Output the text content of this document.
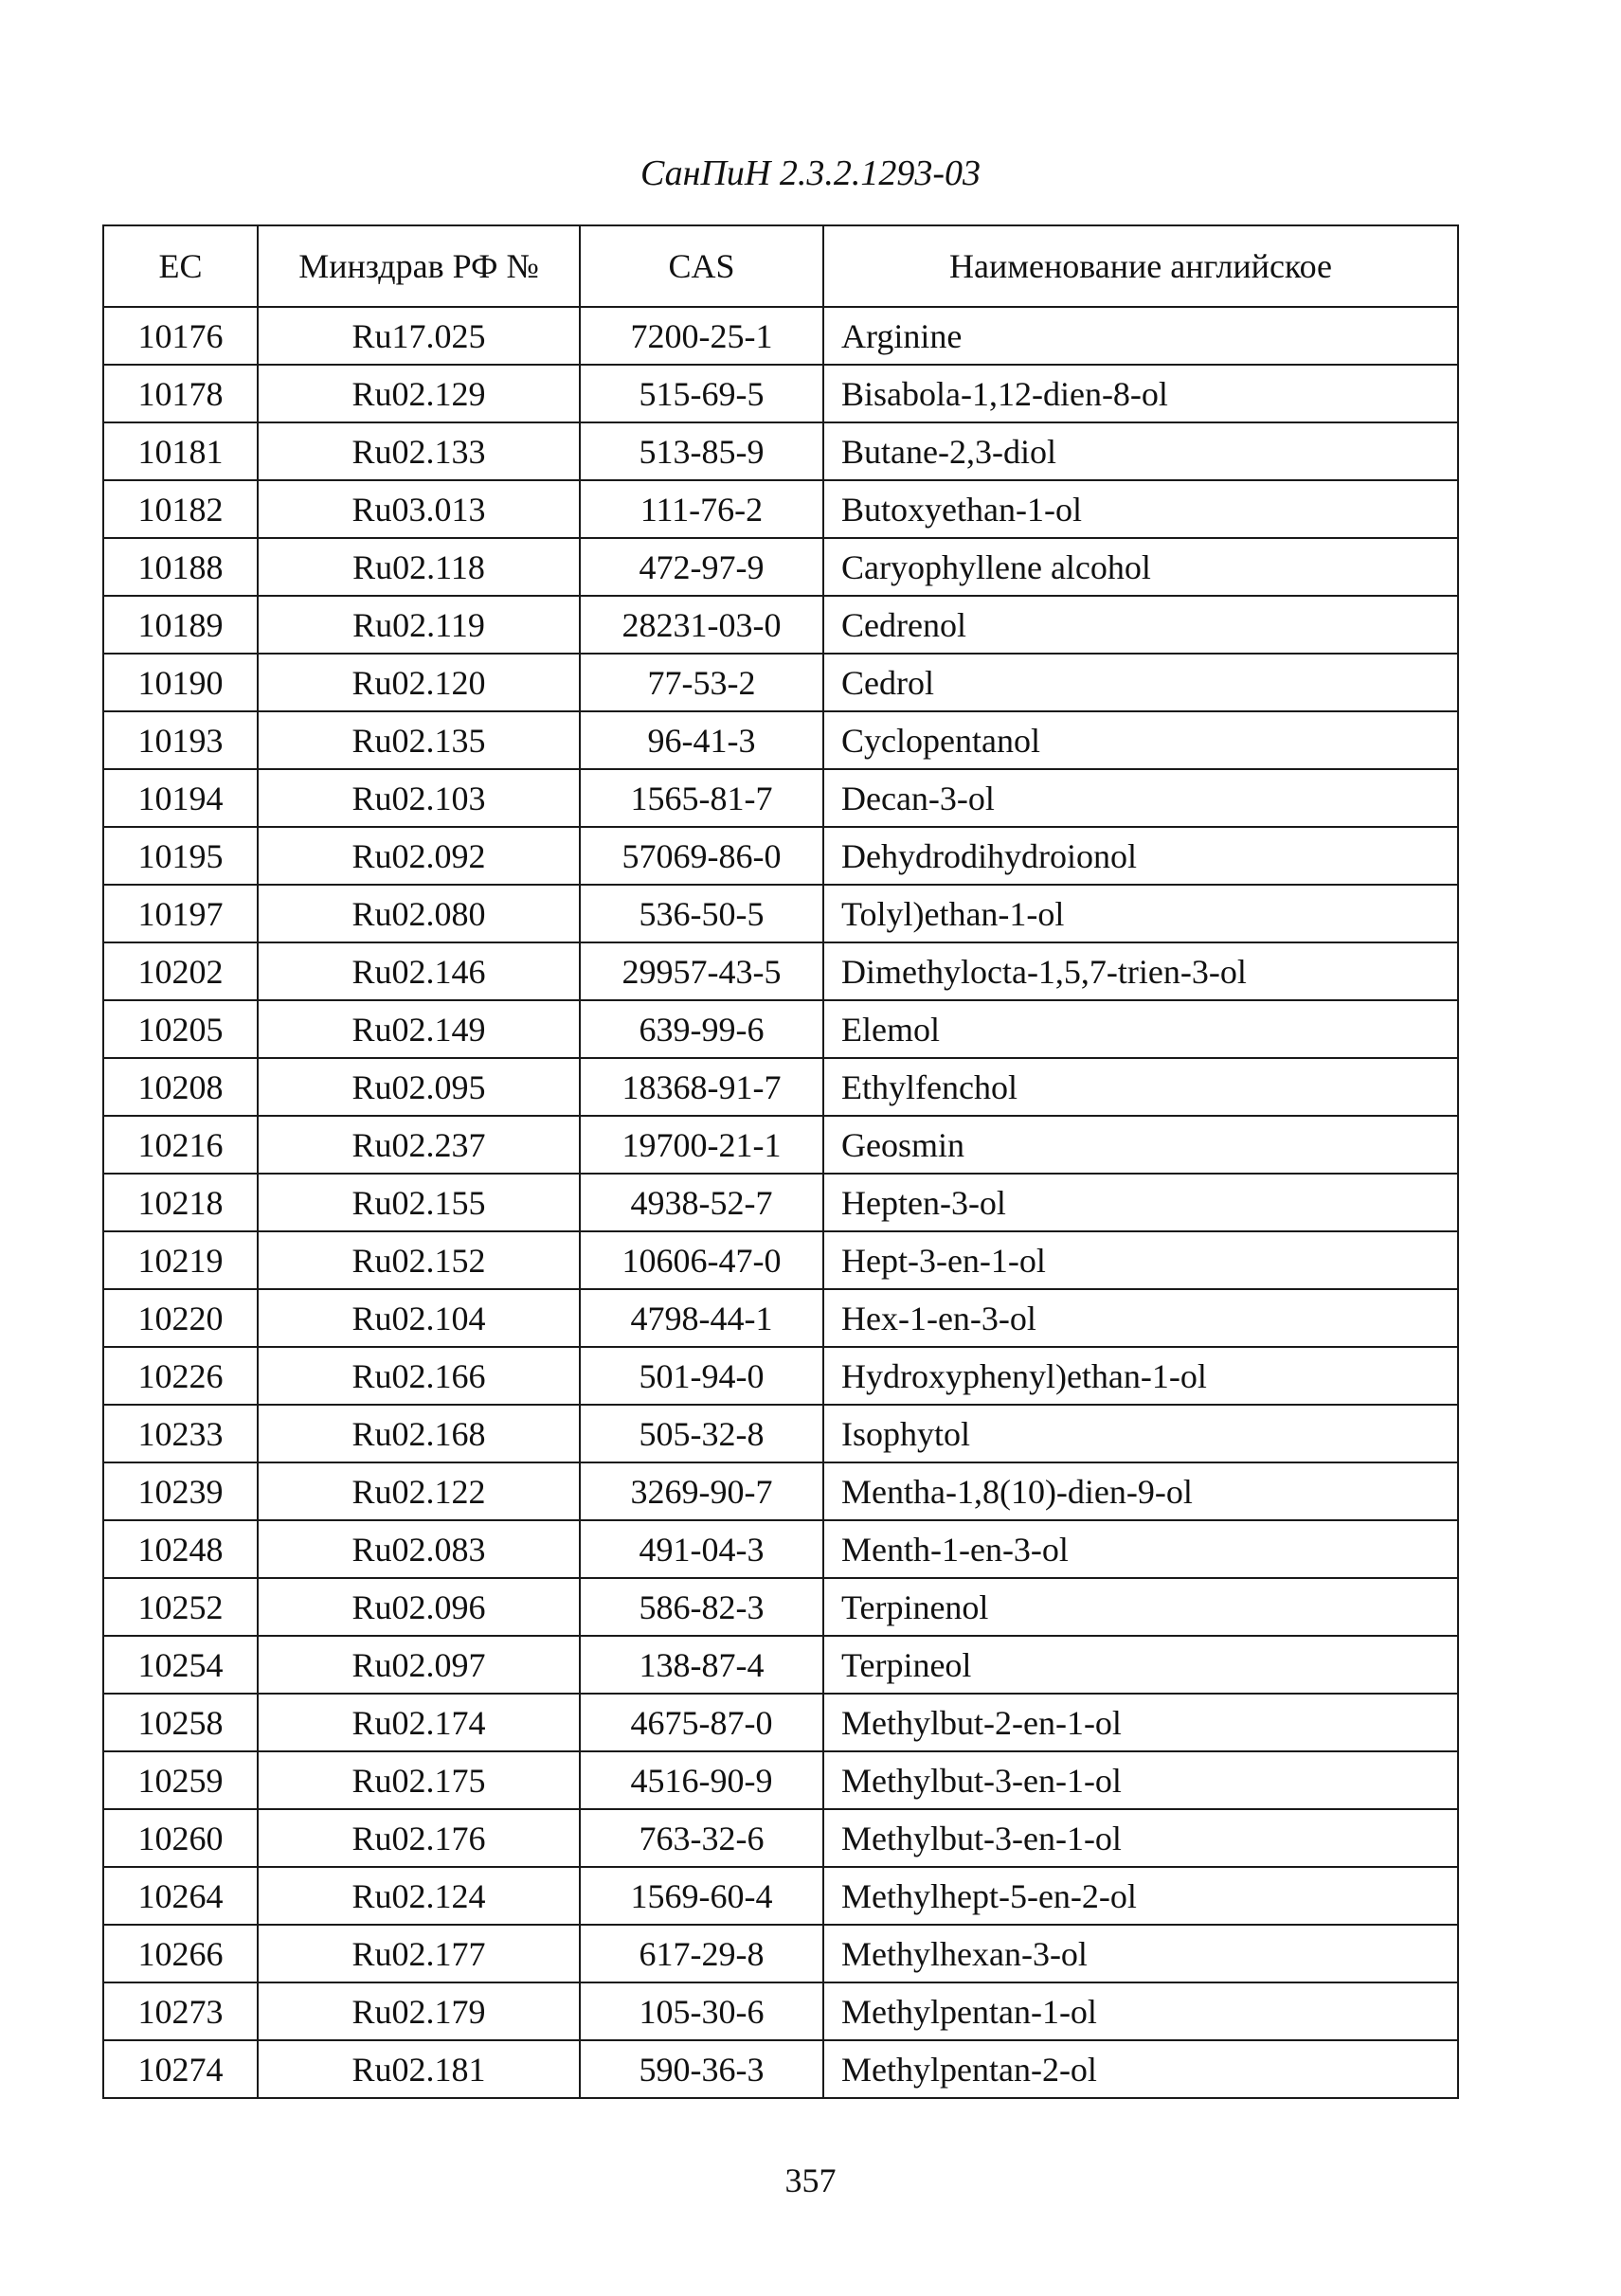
СанПиН 2.3.2.1293-03
EC	Минздрав РФ №	CAS	Наименование английское
10176	Ru17.025	7200-25-1	Arginine
10178	Ru02.129	515-69-5	Bisabola-1,12-dien-8-ol
10181	Ru02.133	513-85-9	Butane-2,3-diol
10182	Ru03.013	111-76-2	Butoxyethan-1-ol
10188	Ru02.118	472-97-9	Caryophyllene alcohol
10189	Ru02.119	28231-03-0	Cedrenol
10190	Ru02.120	77-53-2	Cedrol
10193	Ru02.135	96-41-3	Cyclopentanol
10194	Ru02.103	1565-81-7	Decan-3-ol
10195	Ru02.092	57069-86-0	Dehydrodihydroionol
10197	Ru02.080	536-50-5	Tolyl)ethan-1-ol
10202	Ru02.146	29957-43-5	Dimethylocta-1,5,7-trien-3-ol
10205	Ru02.149	639-99-6	Elemol
10208	Ru02.095	18368-91-7	Ethylfenchol
10216	Ru02.237	19700-21-1	Geosmin
10218	Ru02.155	4938-52-7	Hepten-3-ol
10219	Ru02.152	10606-47-0	Hept-3-en-1-ol
10220	Ru02.104	4798-44-1	Hex-1-en-3-ol
10226	Ru02.166	501-94-0	Hydroxyphenyl)ethan-1-ol
10233	Ru02.168	505-32-8	Isophytol
10239	Ru02.122	3269-90-7	Mentha-1,8(10)-dien-9-ol
10248	Ru02.083	491-04-3	Menth-1-en-3-ol
10252	Ru02.096	586-82-3	Terpinenol
10254	Ru02.097	138-87-4	Terpineol
10258	Ru02.174	4675-87-0	Methylbut-2-en-1-ol
10259	Ru02.175	4516-90-9	Methylbut-3-en-1-ol
10260	Ru02.176	763-32-6	Methylbut-3-en-1-ol
10264	Ru02.124	1569-60-4	Methylhept-5-en-2-ol
10266	Ru02.177	617-29-8	Methylhexan-3-ol
10273	Ru02.179	105-30-6	Methylpentan-1-ol
10274	Ru02.181	590-36-3	Methylpentan-2-ol
357
